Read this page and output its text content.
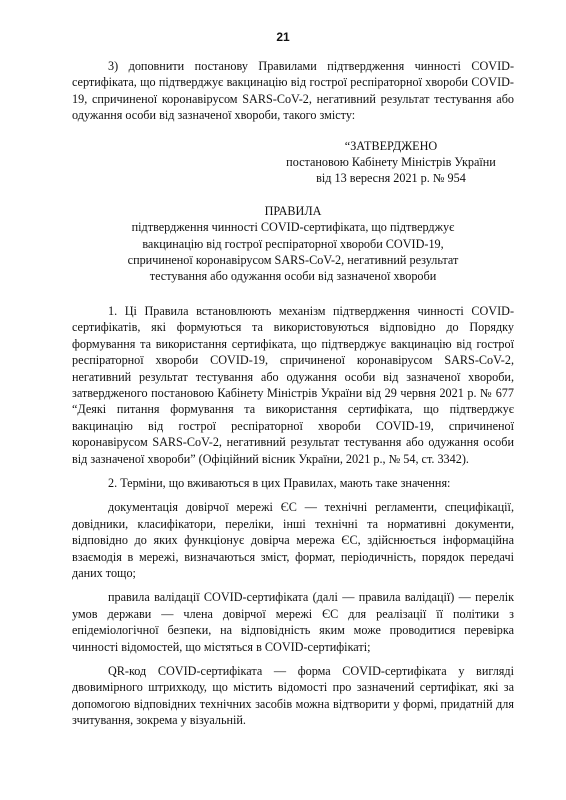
21

3) доповнити постанову Правилами підтвердження чинності COVID-сертифіката, що підтверджує вакцинацію від гострої респіраторної хвороби COVID-19, спричиненої коронавірусом SARS-CoV-2, негативний результат тестування або одужання особи від зазначеної хвороби, такого змісту:

“ЗАТВЕРДЖЕНО
постановою Кабінету Міністрів України
від 13 вересня 2021 р. № 954
ПРАВИЛА
підтвердження чинності COVID-сертифіката, що підтверджує
вакцинацію від гострої респіраторної хвороби COVID-19,
спричиненої коронавірусом SARS-CoV-2, негативний результат
тестування або одужання особи від зазначеної хвороби

1. Ці Правила встановлюють механізм підтвердження чинності COVID-сертифікатів, які формуються та використовуються відповідно до Порядку формування та використання сертифіката, що підтверджує вакцинацію від гострої респіраторної хвороби COVID-19, спричиненої коронавірусом SARS-CoV-2, негативний результат тестування або одужання особи від зазначеної хвороби, затвердженого постановою Кабінету Міністрів України від 29 червня 2021 р. № 677 “Деякі питання формування та використання сертифіката, що підтверджує вакцинацію від гострої респіраторної хвороби COVID-19, спричиненої коронавірусом SARS-CoV-2, негативний результат тестування або одужання особи від зазначеної хвороби” (Офіційний вісник України, 2021 р., № 54, ст. 3342).

2. Терміни, що вживаються в цих Правилах, мають таке значення:

документація довірчої мережі ЄС — технічні регламенти, специфікації, довідники, класифікатори, переліки, інші технічні та нормативні документи, відповідно до яких функціонує довірча мережа ЄС, здійснюється інформаційна взаємодія в мережі, визначаються зміст, формат, періодичність, порядок передачі даних тощо;

правила валідації COVID-сертифіката (далі — правила валідації) — перелік умов держави — члена довірчої мережі ЄС для реалізації її політики з епідеміологічної безпеки, на відповідність яким може проводитися перевірка чинності відомостей, що містяться в COVID-сертифікаті;

QR-код COVID-сертифіката — форма COVID-сертифіката у вигляді двовимірного штрихкоду, що містить відомості про зазначений сертифікат, які за допомогою відповідних технічних засобів можна відтворити у формі, придатній для зчитування, зокрема у візуальній.
